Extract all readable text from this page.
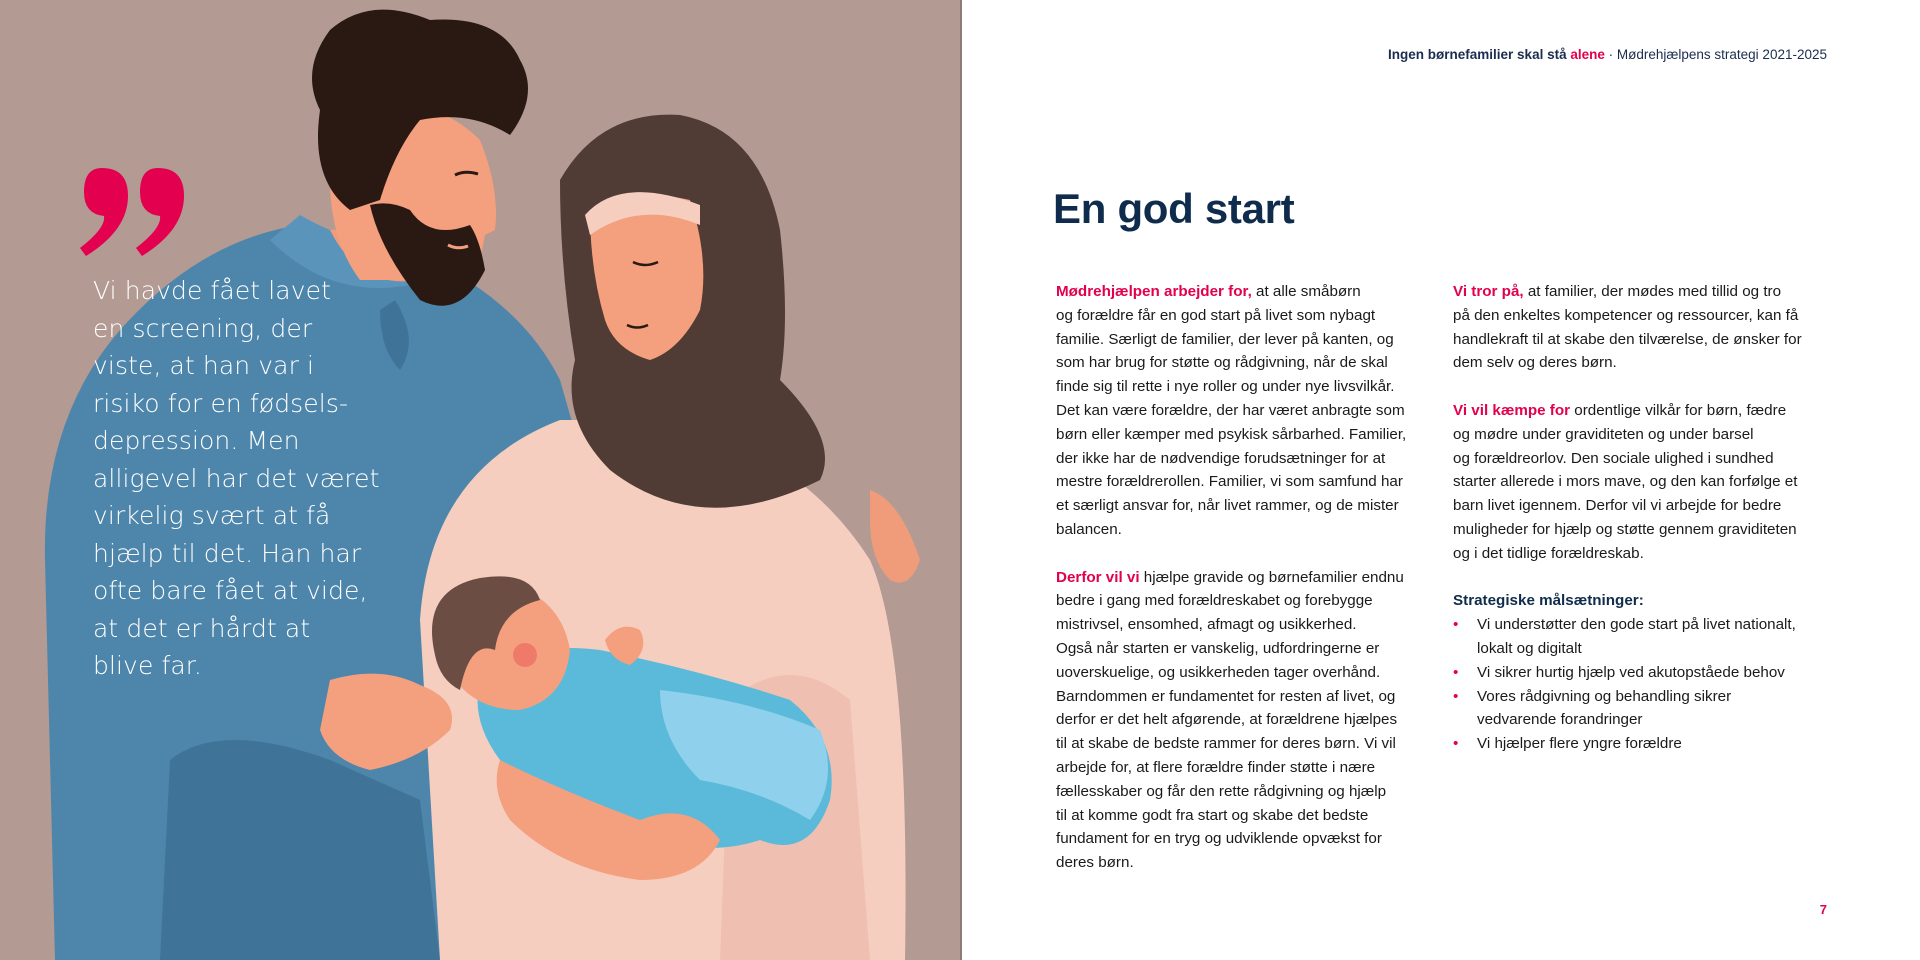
Vi havde fået lavet
en screening, der
viste, at han var i
risiko for en fødsels-
depression. Men
alligevel har det været
virkelig svært at få
hjælp til det. Han har
ofte bare fået at vide,
at det er hårdt at
blive far.
Ingen børnefamilier skal stå alene · Mødrehjælpens strategi 2021-2025
En god start
Mødrehjælpen arbejder for, at alle småbørn
og forældre får en god start på livet som nybagt
familie. Særligt de familier, der lever på kanten, og
som har brug for støtte og rådgivning, når de skal
finde sig til rette i nye roller og under nye livsvilkår.
Det kan være forældre, der har været anbragte som
børn eller kæmper med psykisk sårbarhed. Familier,
der ikke har de nødvendige forudsætninger for at
mestre forældrerollen. Familier, vi som samfund har
et særligt ansvar for, når livet rammer, og de mister
balancen.
Derfor vil vi hjælpe gravide og børnefamilier endnu
bedre i gang med forældreskabet og forebygge
mistrivsel, ensomhed, afmagt og usikkerhed.
Også når starten er vanskelig, udfordringerne er
uoverskuelige, og usikkerheden tager overhånd.
Barndommen er fundamentet for resten af livet, og
derfor er det helt afgørende, at forældrene hjælpes
til at skabe de bedste rammer for deres børn. Vi vil
arbejde for, at flere forældre finder støtte i nære
fællesskaber og får den rette rådgivning og hjælp
til at komme godt fra start og skabe det bedste
fundament for en tryg og udviklende opvækst for
deres børn.
Vi tror på, at familier, der mødes med tillid og tro
på den enkeltes kompetencer og ressourcer, kan få
handlekraft til at skabe den tilværelse, de ønsker for
dem selv og deres børn.
Vi vil kæmpe for ordentlige vilkår for børn, fædre
og mødre under graviditeten og under barsel
og forældreorlov. Den sociale ulighed i sundhed
starter allerede i mors mave, og den kan forfølge et
barn livet igennem. Derfor vil vi arbejde for bedre
muligheder for hjælp og støtte gennem graviditeten
og i det tidlige forældreskab.
Strategiske målsætninger:
• Vi understøtter den gode start på livet nationalt,
lokalt og digitalt
• Vi sikrer hurtig hjælp ved akutopståede behov
• Vores rådgivning og behandling sikrer
vedvarende forandringer
• Vi hjælper flere yngre forældre
7
